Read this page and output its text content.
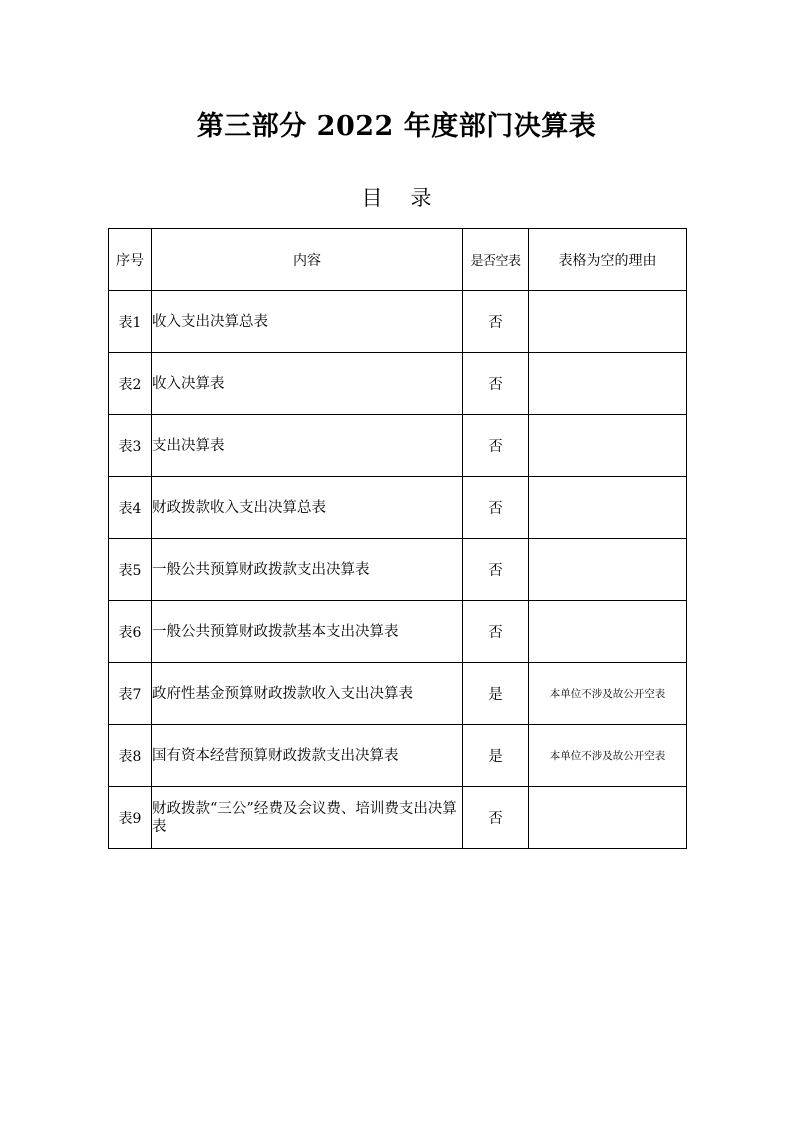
第三部分 2022 年度部门决算表
目录
序号	内容	是否空表	表格为空的理由
表1	收入支出决算总表	否	
表2	收入决算表	否	
表3	支出决算表	否	
表4	财政拨款收入支出决算总表	否	
表5	一般公共预算财政拨款支出决算表	否	
表6	一般公共预算财政拨款基本支出决算表	否	
表7	政府性基金预算财政拨款收入支出决算表	是	本单位不涉及故公开空表
表8	国有资本经营预算财政拨款支出决算表	是	本单位不涉及故公开空表
表9	财政拨款“三公”经费及会议费、培训费支出决算表	否	
